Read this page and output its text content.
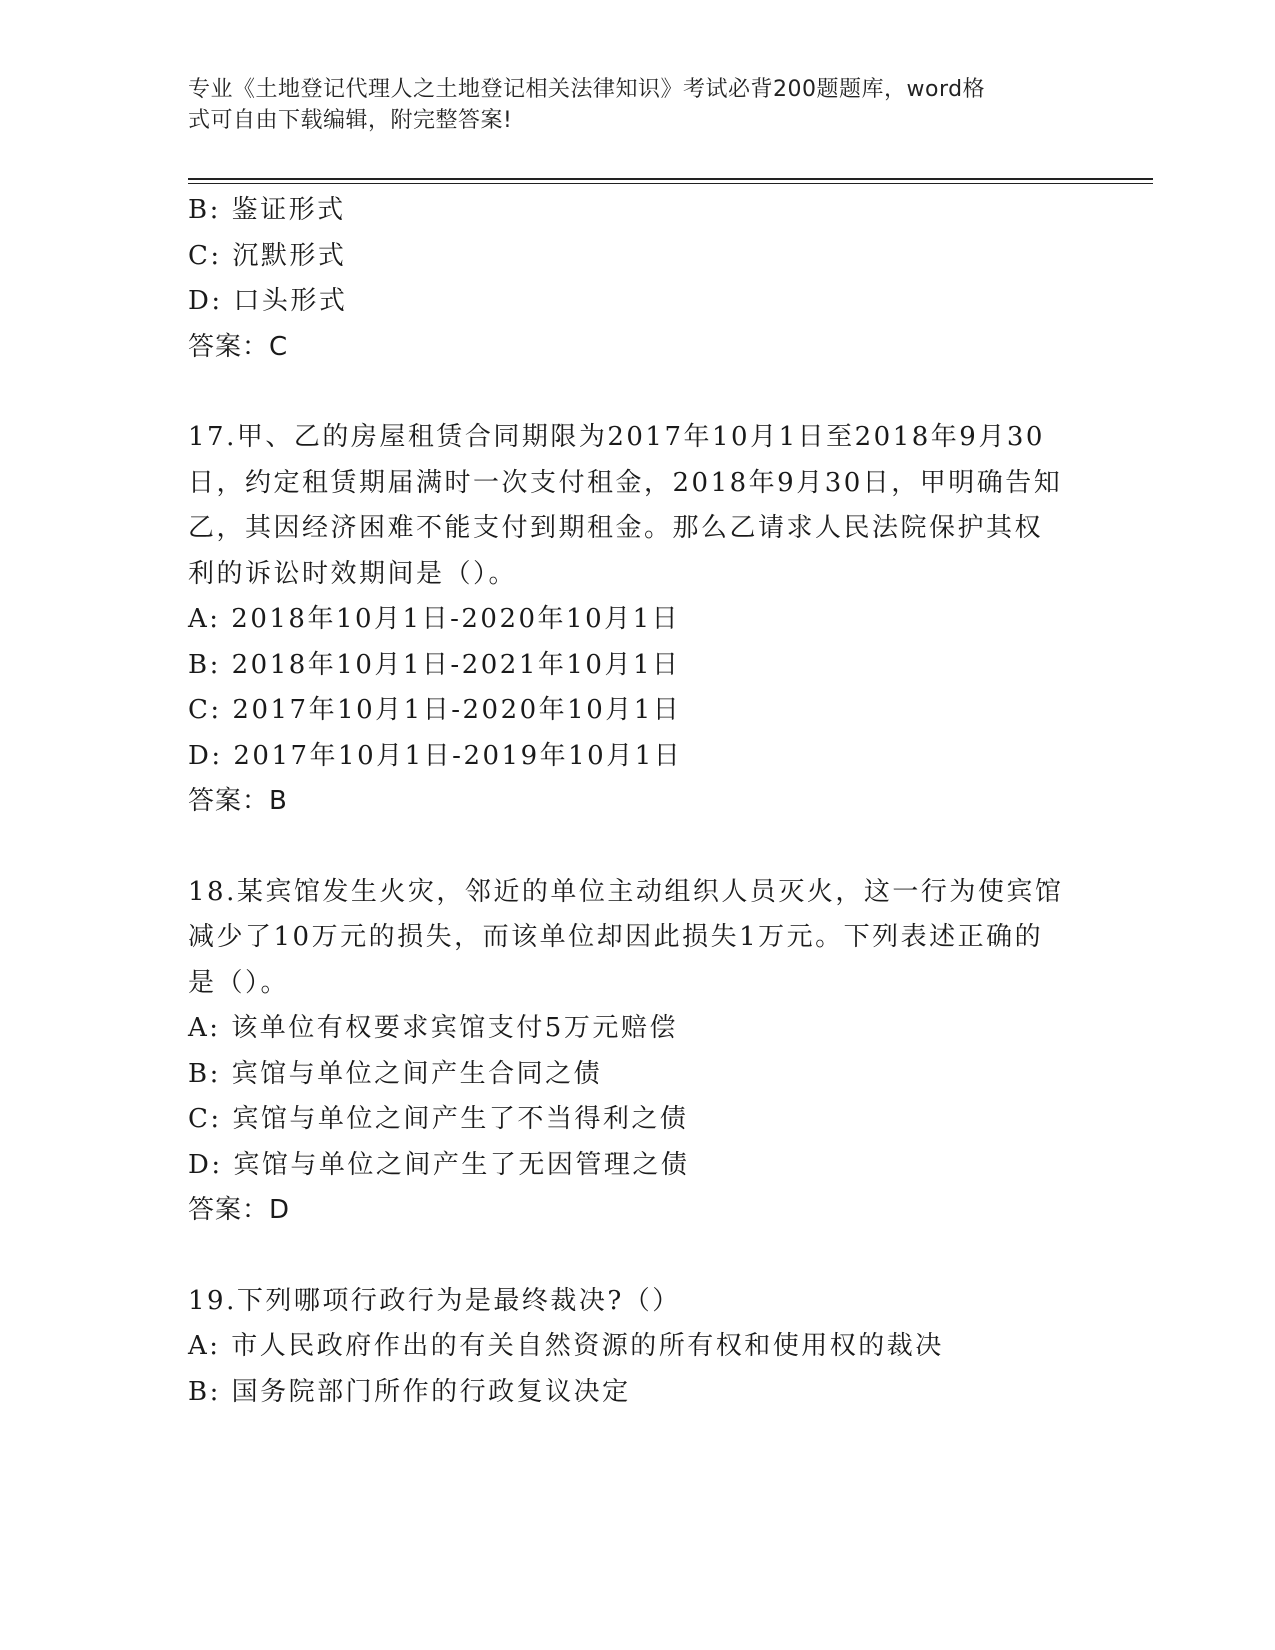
专业《土地登记代理人之土地登记相关法律知识》考试必背200题题库，word格
式可自由下载编辑，附完整答案!
B: 鉴证形式
C: 沉默形式
D: 口头形式
答案：C
17.甲、乙的房屋租赁合同期限为2017年10月1日至2018年9月30
日，约定租赁期届满时一次支付租金，2018年9月30日，甲明确告知
乙，其因经济困难不能支付到期租金。那么乙请求人民法院保护其权
利的诉讼时效期间是（）。
A: 2018年10月1日-2020年10月1日
B: 2018年10月1日-2021年10月1日
C: 2017年10月1日-2020年10月1日
D: 2017年10月1日-2019年10月1日
答案：B
18.某宾馆发生火灾，邻近的单位主动组织人员灭火，这一行为使宾馆
减少了10万元的损失，而该单位却因此损失1万元。下列表述正确的
是（）。
A: 该单位有权要求宾馆支付5万元赔偿
B: 宾馆与单位之间产生合同之债
C: 宾馆与单位之间产生了不当得利之债
D: 宾馆与单位之间产生了无因管理之债
答案：D
19.下列哪项行政行为是最终裁决?（）
A: 市人民政府作出的有关自然资源的所有权和使用权的裁决
B: 国务院部门所作的行政复议决定
